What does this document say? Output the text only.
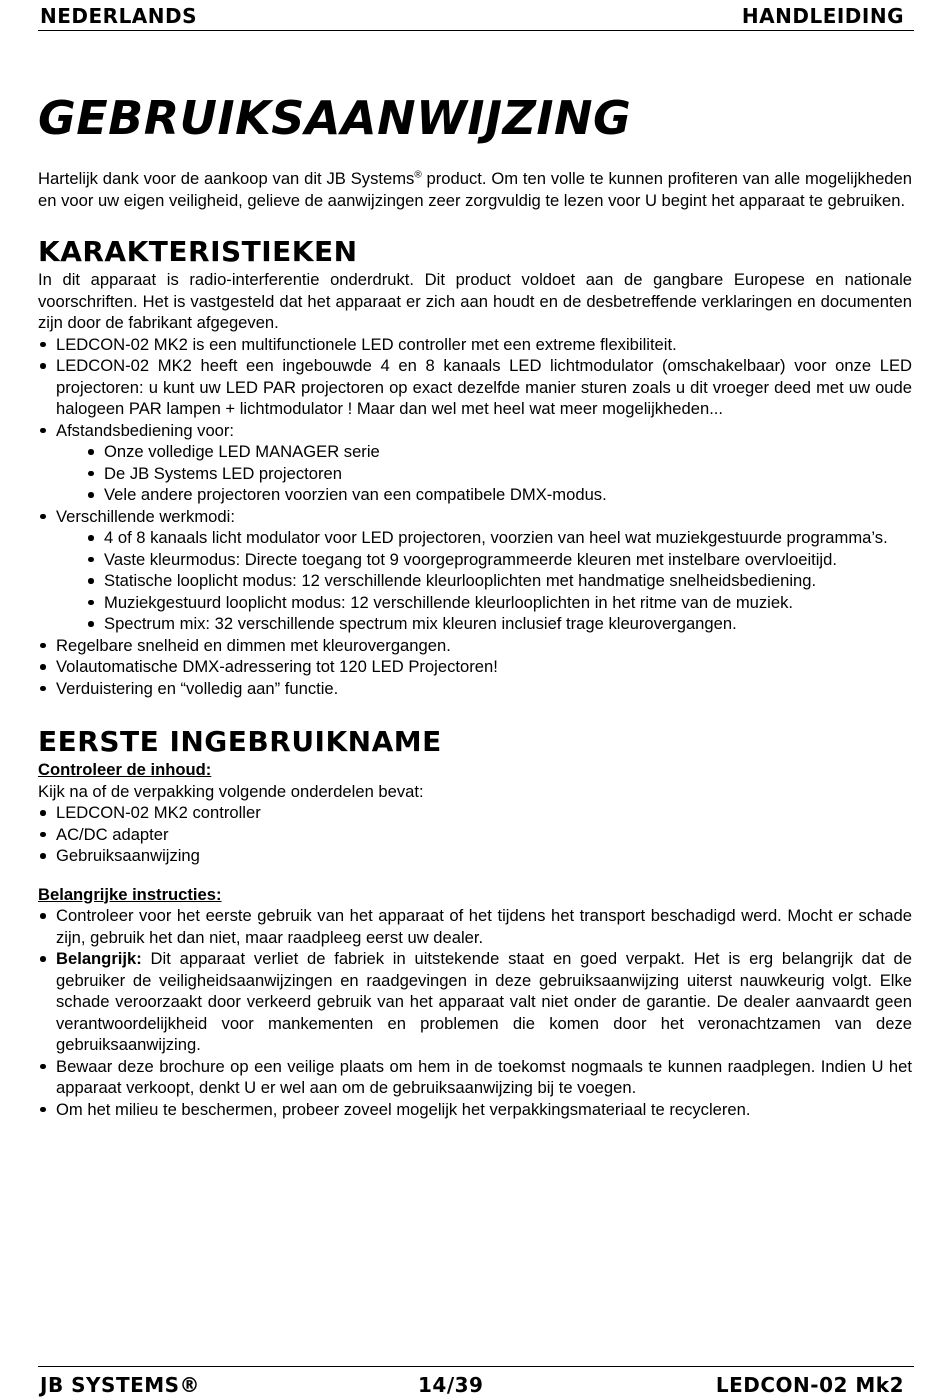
NEDERLANDS	HANDLEIDING
GEBRUIKSAANWIJZING

Hartelijk dank voor de aankoop van dit JB Systems® product. Om ten volle te kunnen profiteren van alle mogelijkheden en voor uw eigen veiligheid, gelieve de aanwijzingen zeer zorgvuldig te lezen voor U begint het apparaat te gebruiken.

KARAKTERISTIEKEN

In dit apparaat is radio-interferentie onderdrukt. Dit product voldoet aan de gangbare Europese en nationale voorschriften. Het is vastgesteld dat het apparaat er zich aan houdt en de desbetreffende verklaringen en documenten zijn door de fabrikant afgegeven.

LEDCON-02 MK2 is een multifunctionele LED controller met een extreme flexibiliteit.
LEDCON-02 MK2 heeft een ingebouwde 4 en 8 kanaals LED lichtmodulator (omschakelbaar) voor onze LED projectoren: u kunt uw LED PAR projectoren op exact dezelfde manier sturen zoals u dit vroeger deed met uw oude halogeen PAR lampen + lichtmodulator ! Maar dan wel met heel wat meer mogelijkheden...
Afstandsbediening voor:
Onze volledige LED MANAGER serie
De JB Systems LED projectoren
Vele andere projectoren voorzien van een compatibele DMX-modus.
Verschillende werkmodi:
4 of 8 kanaals licht modulator voor LED projectoren, voorzien van heel wat muziekgestuurde programma’s.
Vaste kleurmodus: Directe toegang tot 9 voorgeprogrammeerde kleuren met instelbare overvloeitijd.
Statische looplicht modus: 12 verschillende kleurlooplichten met handmatige snelheidsbediening.
Muziekgestuurd looplicht modus: 12 verschillende kleurlooplichten in het ritme van de muziek.
Spectrum mix: 32 verschillende spectrum mix kleuren inclusief trage kleurovergangen.
Regelbare snelheid en dimmen met kleurovergangen.
Volautomatische DMX-adressering tot 120 LED Projectoren!
Verduistering en “volledig aan” functie.
EERSTE INGEBRUIKNAME

Controleer de inhoud:

Kijk na of de verpakking volgende onderdelen bevat:

LEDCON-02 MK2 controller
AC/DC adapter
Gebruiksaanwijzing

Belangrijke instructies:

Controleer voor het eerste gebruik van het apparaat of het tijdens het transport beschadigd werd. Mocht er schade zijn, gebruik het dan niet, maar raadpleeg eerst uw dealer.
Belangrijk: Dit apparaat verliet de fabriek in uitstekende staat en goed verpakt. Het is erg belangrijk dat de gebruiker de veiligheidsaanwijzingen en raadgevingen in deze gebruiksaanwijzing uiterst nauwkeurig volgt. Elke schade veroorzaakt door verkeerd gebruik van het apparaat valt niet onder de garantie. De dealer aanvaardt geen verantwoordelijkheid voor mankementen en problemen die komen door het veronachtzamen van deze gebruiksaanwijzing.
Bewaar deze brochure op een veilige plaats om hem in de toekomst nogmaals te kunnen raadplegen. Indien U het apparaat verkoopt, denkt U er wel aan om de gebruiksaanwijzing bij te voegen.
Om het milieu te beschermen, probeer zoveel mogelijk het verpakkingsmateriaal te recycleren.
JB SYSTEMS®	14/39	LEDCON-02 Mk2
